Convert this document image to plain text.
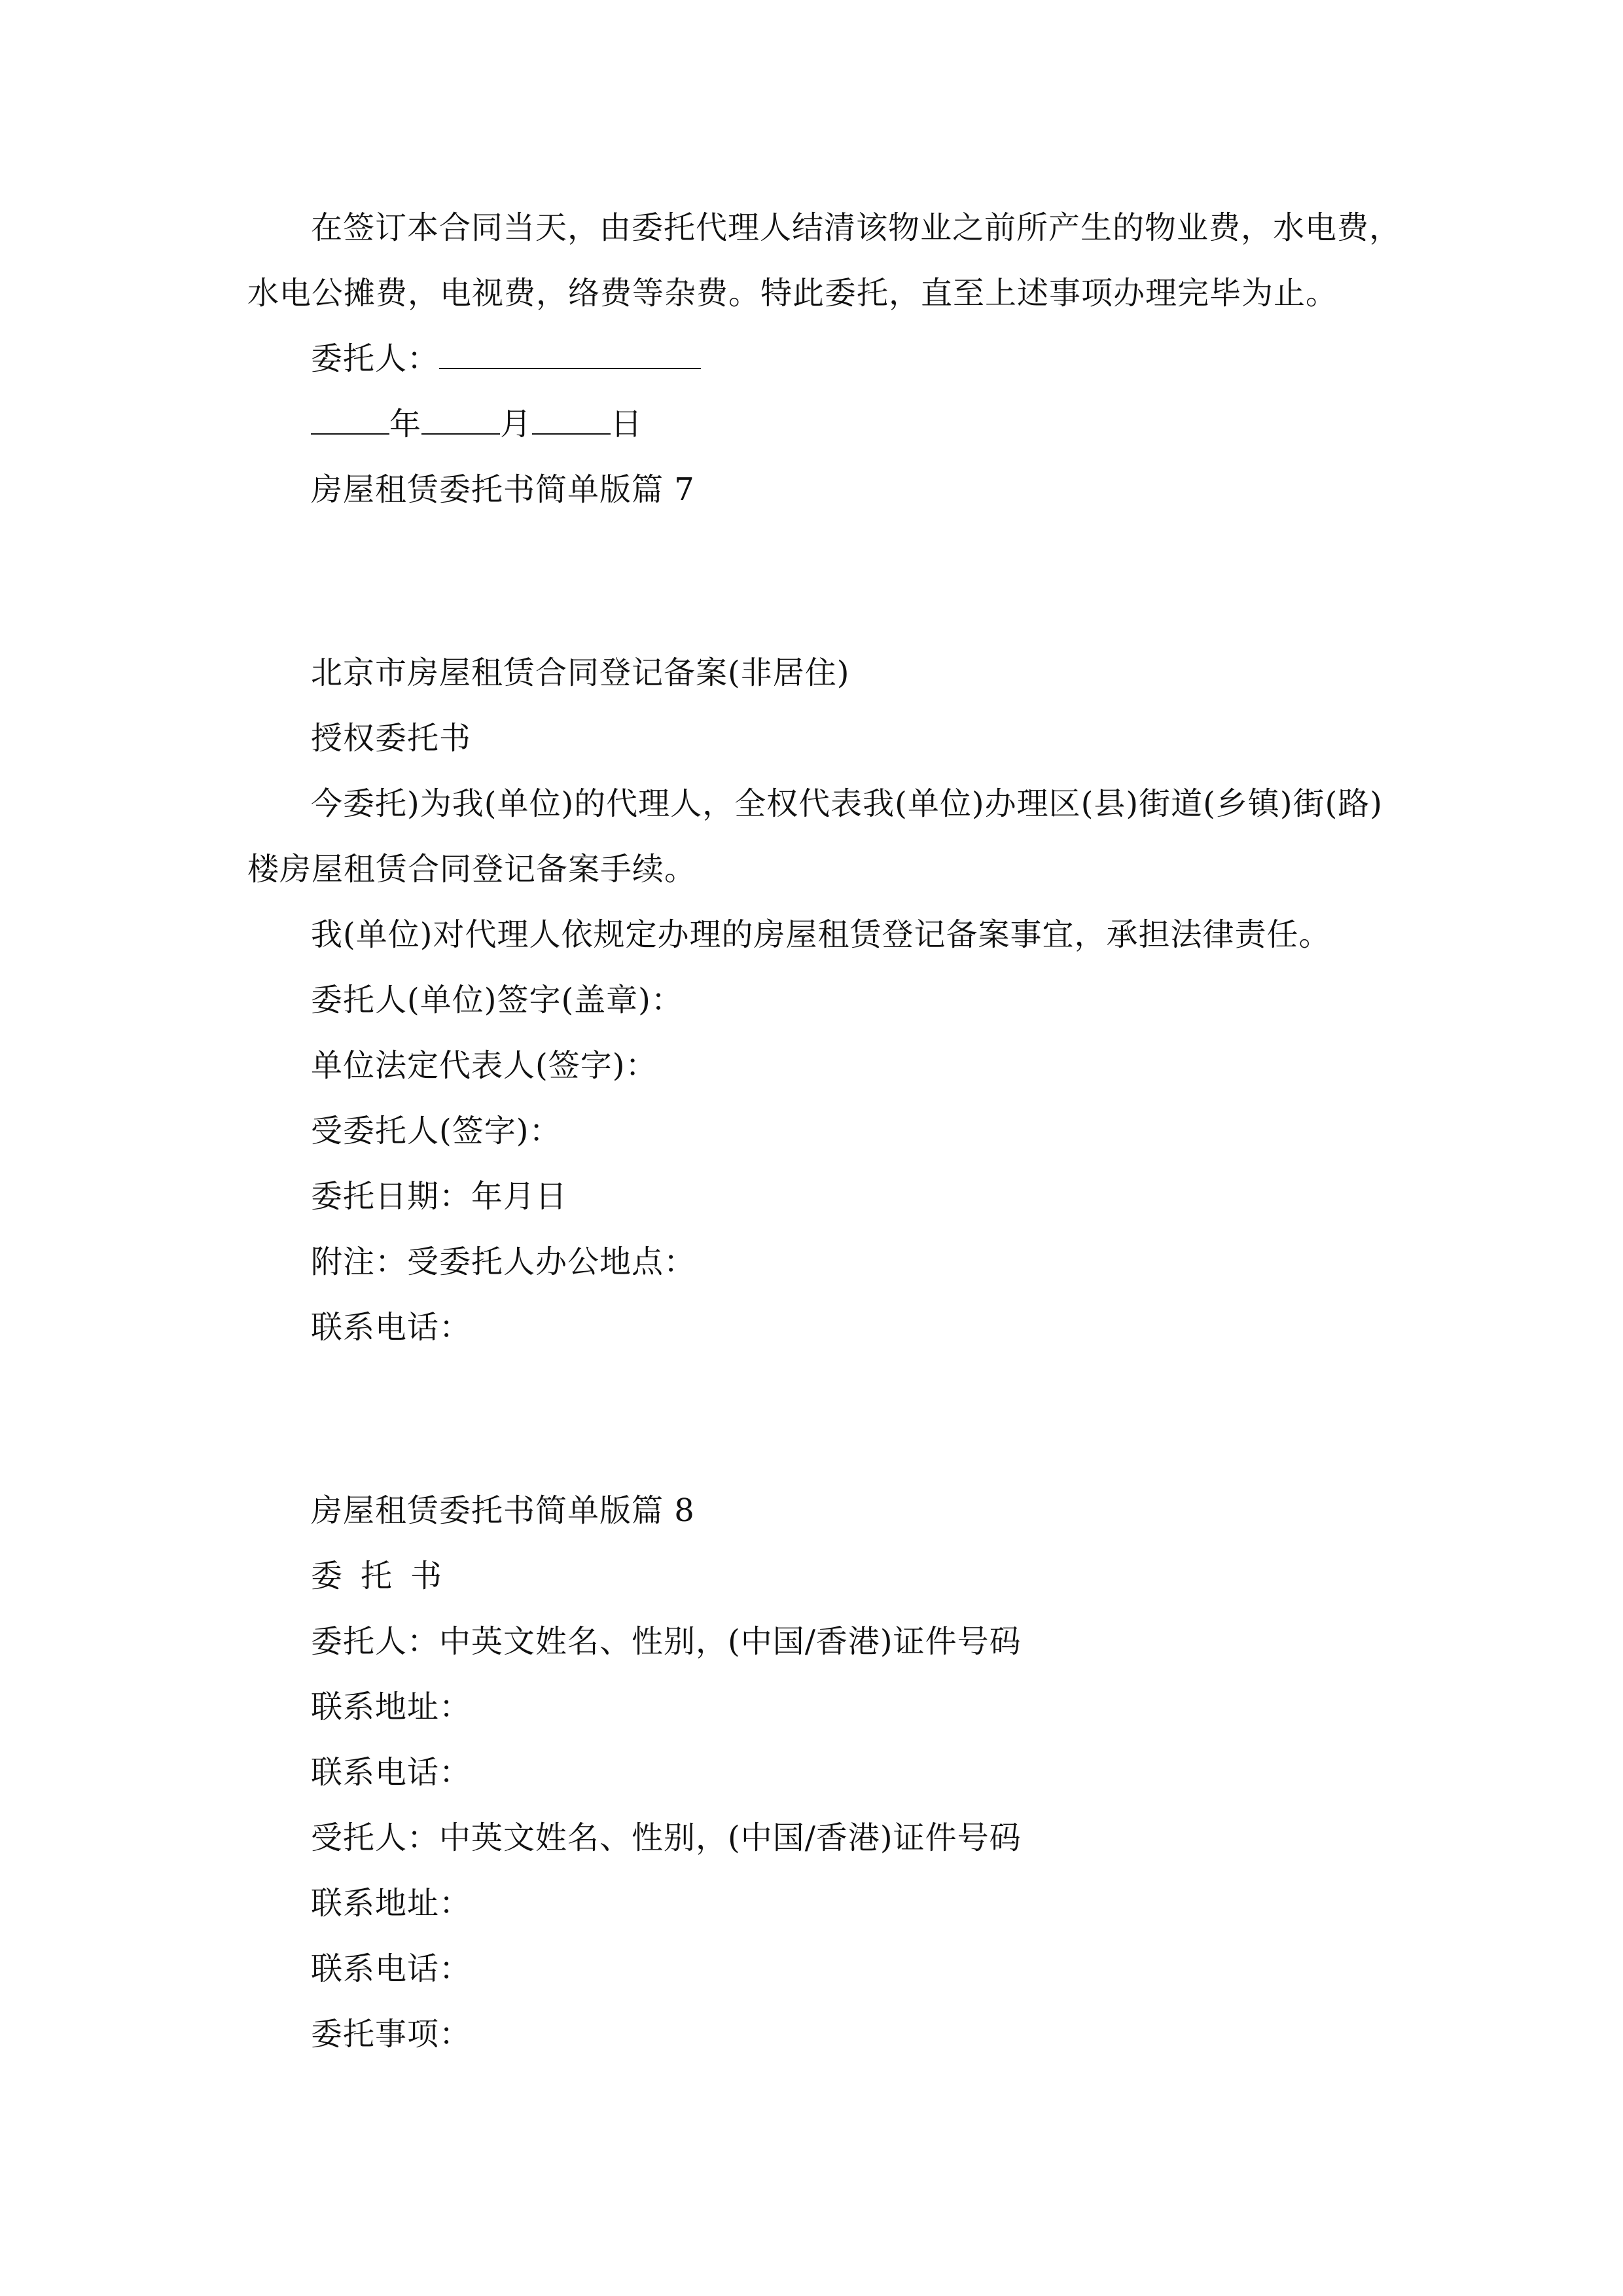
在签订本合同当天，由委托代理人结清该物业之前所产生的物业费，水电费，
水电公摊费，电视费，络费等杂费。特此委托，直至上述事项办理完毕为止。
委托人：
年	月	日
房屋租赁委托书简单版篇 7
北京市房屋租赁合同登记备案(非居住)
授权委托书
今委托)为我(单位)的代理人，全权代表我(单位)办理区(县)街道(乡镇)街(路)
楼房屋租赁合同登记备案手续。
我(单位)对代理人依规定办理的房屋租赁登记备案事宜，承担法律责任。
委托人(单位)签字(盖章)：
单位法定代表人(签字)：
受委托人(签字)：
委托日期：年月日
附注：受委托人办公地点：
联系电话：
房屋租赁委托书简单版篇 8
委托书
委托人：中英文姓名、性别，(中国/香港)证件号码
联系地址：
联系电话：
受托人：中英文姓名、性别，(中国/香港)证件号码
联系地址：
联系电话：
委托事项：
